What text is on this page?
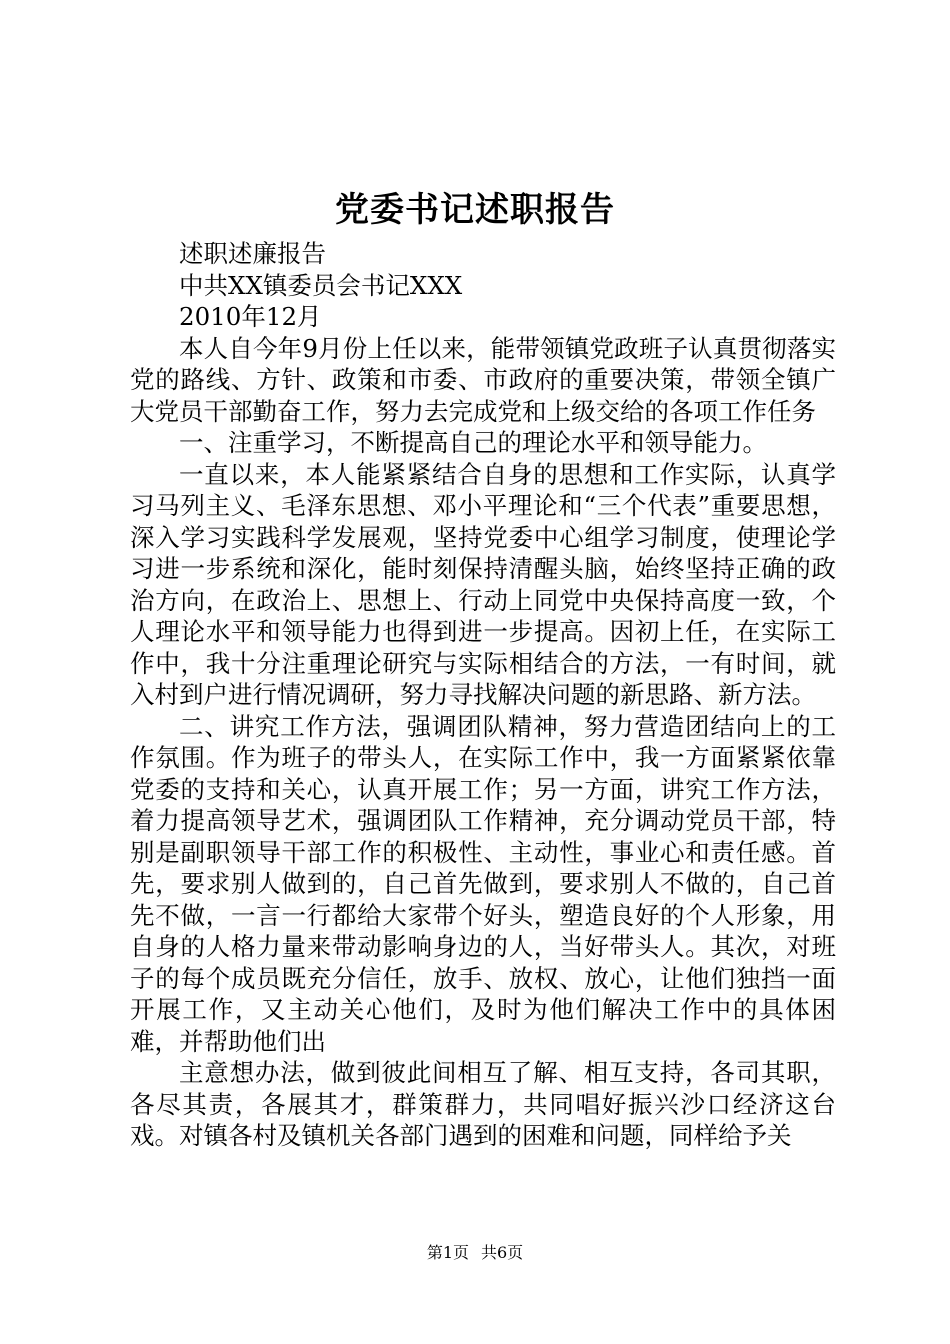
党委书记述职报告

述职述廉报告

中共XX镇委员会书记XXX

2010年12月

本人自今年9月份上任以来，能带领镇党政班子认真贯彻落实党的路线、方针、政策和市委、市政府的重要决策，带领全镇广大党员干部勤奋工作，努力去完成党和上级交给的各项工作任务

一、注重学习，不断提高自己的理论水平和领导能力。

一直以来，本人能紧紧结合自身的思想和工作实际，认真学习马列主义、毛泽东思想、邓小平理论和“三个代表”重要思想，深入学习实践科学发展观，坚持党委中心组学习制度，使理论学习进一步系统和深化，能时刻保持清醒头脑，始终坚持正确的政治方向，在政治上、思想上、行动上同党中央保持高度一致，个人理论水平和领导能力也得到进一步提高。因初上任，在实际工作中，我十分注重理论研究与实际相结合的方法，一有时间，就入村到户进行情况调研，努力寻找解决问题的新思路、新方法。

二、讲究工作方法，强调团队精神，努力营造团结向上的工作氛围。作为班子的带头人，在实际工作中，我一方面紧紧依靠党委的支持和关心，认真开展工作；另一方面，讲究工作方法，着力提高领导艺术，强调团队工作精神，充分调动党员干部，特别是副职领导干部工作的积极性、主动性，事业心和责任感。首先，要求别人做到的，自己首先做到，要求别人不做的，自己首先不做，一言一行都给大家带个好头，塑造良好的个人形象，用自身的人格力量来带动影响身边的人，当好带头人。其次，对班子的每个成员既充分信任，放手、放权、放心，让他们独挡一面开展工作，又主动关心他们，及时为他们解决工作中的具体困难，并帮助他们出

主意想办法，做到彼此间相互了解、相互支持，各司其职，各尽其责，各展其才，群策群力，共同唱好振兴沙口经济这台戏。对镇各村及镇机关各部门遇到的困难和问题，同样给予关

第1页 共6页
